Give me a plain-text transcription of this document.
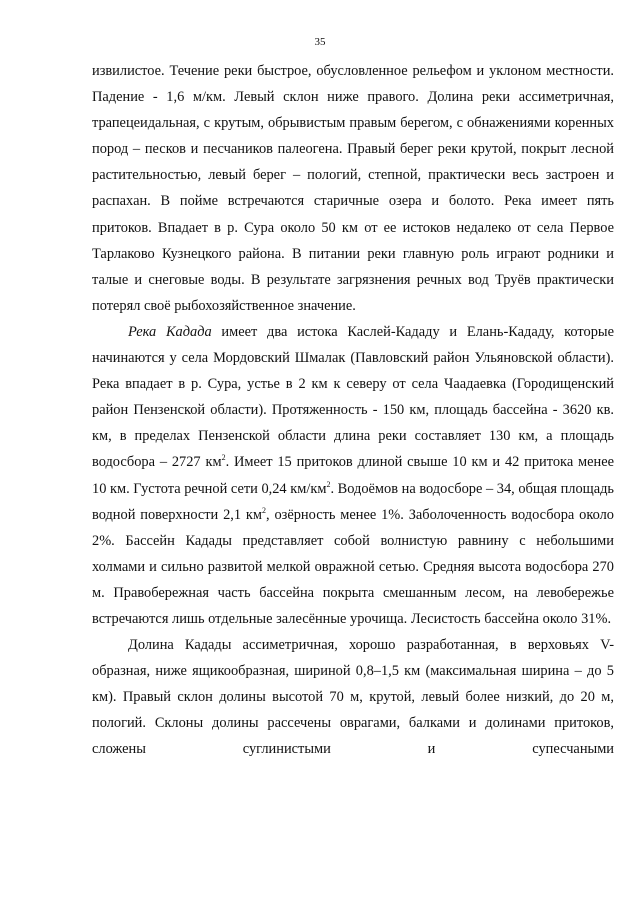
35

извилистое. Течение реки быстрое, обусловленное рельефом и уклоном местности. Падение - 1,6 м/км. Левый склон ниже правого. Долина реки ассиметричная, трапецеидальная, с крутым, обрывистым правым берегом, с обнажениями коренных пород – песков и песчаников палеогена. Правый берег реки крутой, покрыт лесной растительностью, левый берег – пологий, степной, практически весь застроен и распахан. В пойме встречаются старичные озера и болото. Река имеет пять притоков. Впадает в р. Сура около 50 км от ее истоков недалеко от села Первое Тарлаково Кузнецкого района. В питании реки главную роль играют родники и талые и снеговые воды. В результате загрязнения речных вод Труёв практически потерял своё рыбохозяйственное значение.

Река Кадада имеет два истока Каслей-Кададу и Елань-Кададу, которые начинаются у села Мордовский Шмалак (Павловский район Ульяновской области). Река впадает в р. Сура, устье в 2 км к северу от села Чаадаевка (Городищенский район Пензенской области). Протяженность - 150 км, площадь бассейна - 3620 кв. км, в пределах Пензенской области длина реки составляет 130 км, а площадь водосбора – 2727 $км^2$. Имеет 15 притоков длиной свыше 10 км и 42 притока менее 10 км. Густота речной сети 0,24 $км/км^2$. Водоёмов на водосборе – 34, общая площадь водной поверхности 2,1 $км^2$, озёрность менее 1%. Заболоченность водосбора около 2%. Бассейн Кадады представляет собой волнистую равнину с небольшими холмами и сильно развитой мелкой овражной сетью. Средняя высота водосбора 270 м. Правобережная часть бассейна покрыта смешанным лесом, на левобережье встречаются лишь отдельные залесённые урочища. Лесистость бассейна около 31%.

Долина Кадады ассиметричная, хорошо разработанная, в верховьях V-образная, ниже ящикообразная, шириной 0,8–1,5 км (максимальная ширина – до 5 км). Правый склон долины высотой 70 м, крутой, левый более низкий, до 20 м, пологий. Склоны долины рассечены оврагами, балками и долинами притоков, сложены суглинистыми и супесчаными
